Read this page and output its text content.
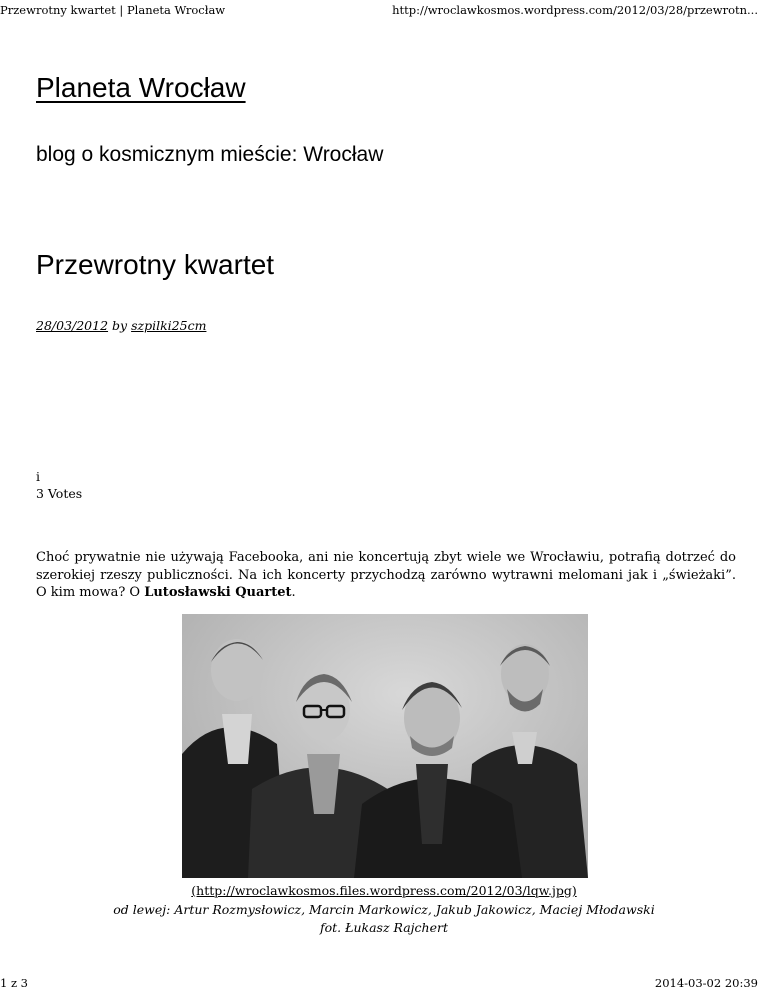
Przewrotny kwartet | Planeta Wrocław	http://wroclawkosmos.wordpress.com/2012/03/28/przewrotn...
Planeta Wrocław
blog o kosmicznym mieście: Wrocław
Przewrotny kwartet
28/03/2012 by szpilki25cm
i
3 Votes
Choć prywatnie nie używają Facebooka, ani nie koncertują zbyt wiele we Wrocławiu, potrafią dotrzeć do szerokiej rzeszy publiczności. Na ich koncerty przychodzą zarówno wytrawni melomani jak i „świeżaki”. O kim mowa? O Lutosławski Quartet.
(http://wroclawkosmos.files.wordpress.com/2012/03/lqw.jpg)
od lewej: Artur Rozmysłowicz, Marcin Markowicz, Jakub Jakowicz, Maciej Młodawski
fot. Łukasz Rajchert
1 z 3	2014-03-02 20:39
